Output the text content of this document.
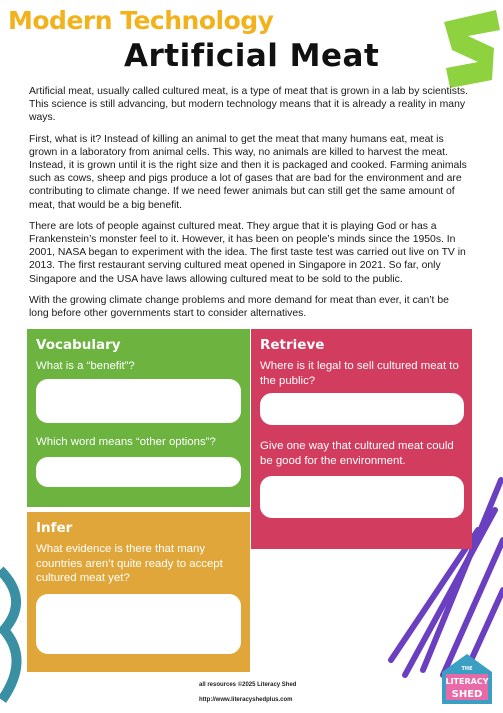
Modern Technology
Artificial Meat

Artificial meat, usually called cultured meat, is a type of meat that is grown in a lab by scientists. This science is still advancing, but modern technology means that it is already a reality in many ways.

First, what is it? Instead of killing an animal to get the meat that many humans eat, meat is grown in a laboratory from animal cells. This way, no animals are killed to harvest the meat. Instead, it is grown until it is the right size and then it is packaged and cooked. Farming animals such as cows, sheep and pigs produce a lot of gases that are bad for the environment and are contributing to climate change. If we need fewer animals but can still get the same amount of meat, that would be a big benefit.

There are lots of people against cultured meat. They argue that it is playing God or has a Frankenstein’s monster feel to it. However, it has been on people’s minds since the 1950s. In 2001, NASA began to experiment with the idea. The first taste test was carried out live on TV in 2013. The first restaurant serving cultured meat opened in Singapore in 2021. So far, only Singapore and the USA have laws allowing cultured meat to be sold to the public.

With the growing climate change problems and more demand for meat than ever, it can’t be long before other governments start to consider alternatives.

Vocabulary

What is a “benefit”?

Which word means “other options”?

Retrieve

Where is it legal to sell cultured meat to the public?

Give one way that cultured meat could be good for the environment.

Infer

What evidence is there that many countries aren’t quite ready to accept cultured meat yet?

all resources ©2025 Literacy Shed
http://www.literacyshedplus.com
THE
LITERACY
SHED
